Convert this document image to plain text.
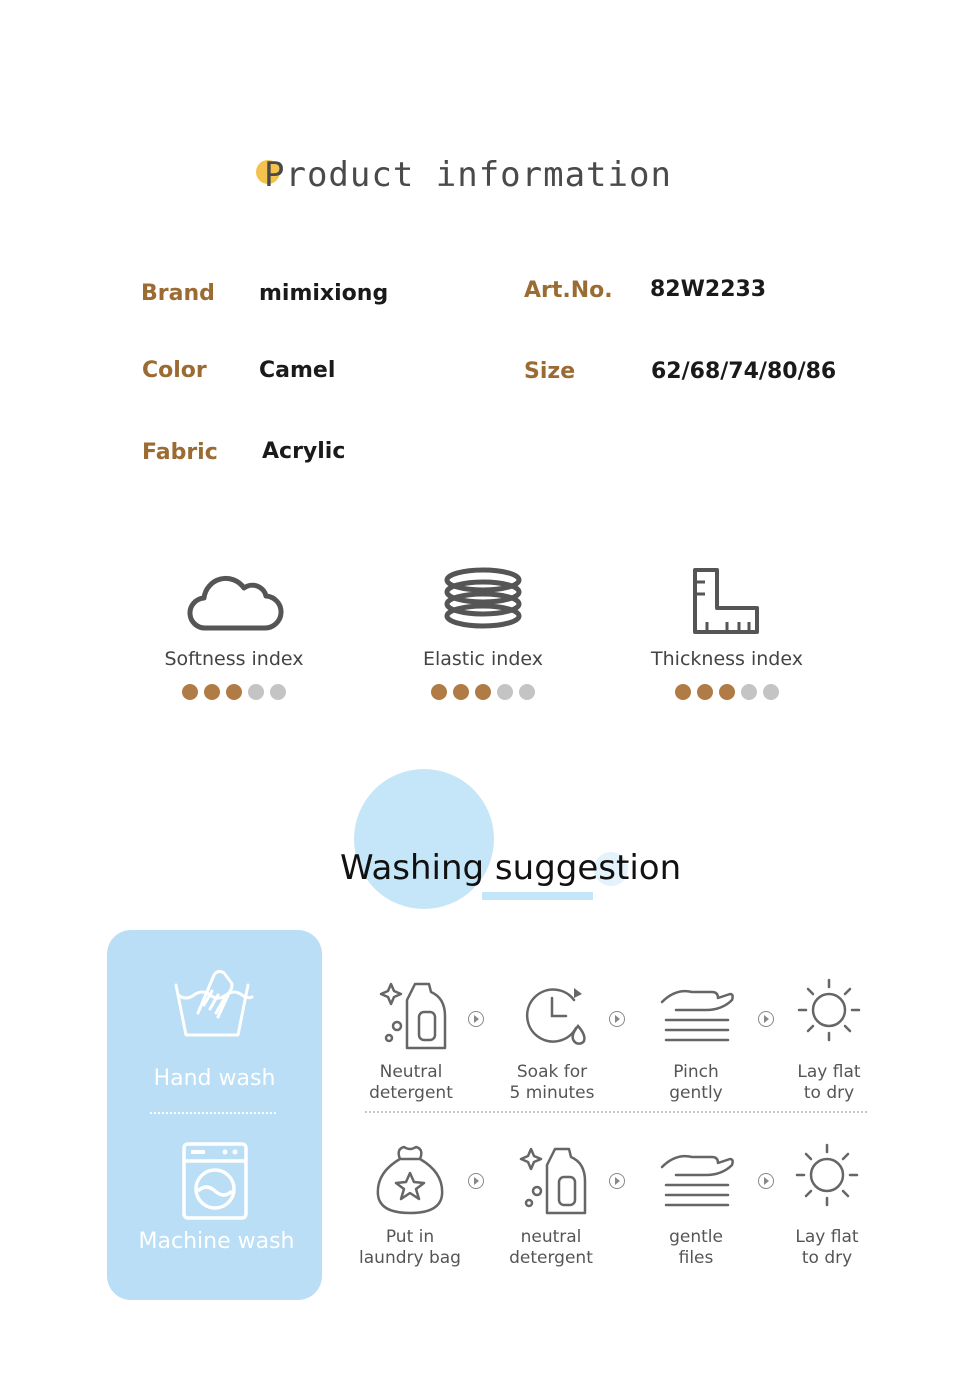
Product information
Brand mimixiong	Art.No. 82W2233
Color Camel	Size	62/68/74/80/86
Fabric Acrylic
Softness index	Elastic index	Thickness index
Washing suggestion
Hand wash
Machine wash
Neutral
detergent
Soak for
5 minutes
Pinch
gently
Lay flat
to dry
Put in
laundry bag
neutral
detergent
gentle
files
Lay flat
to dry
